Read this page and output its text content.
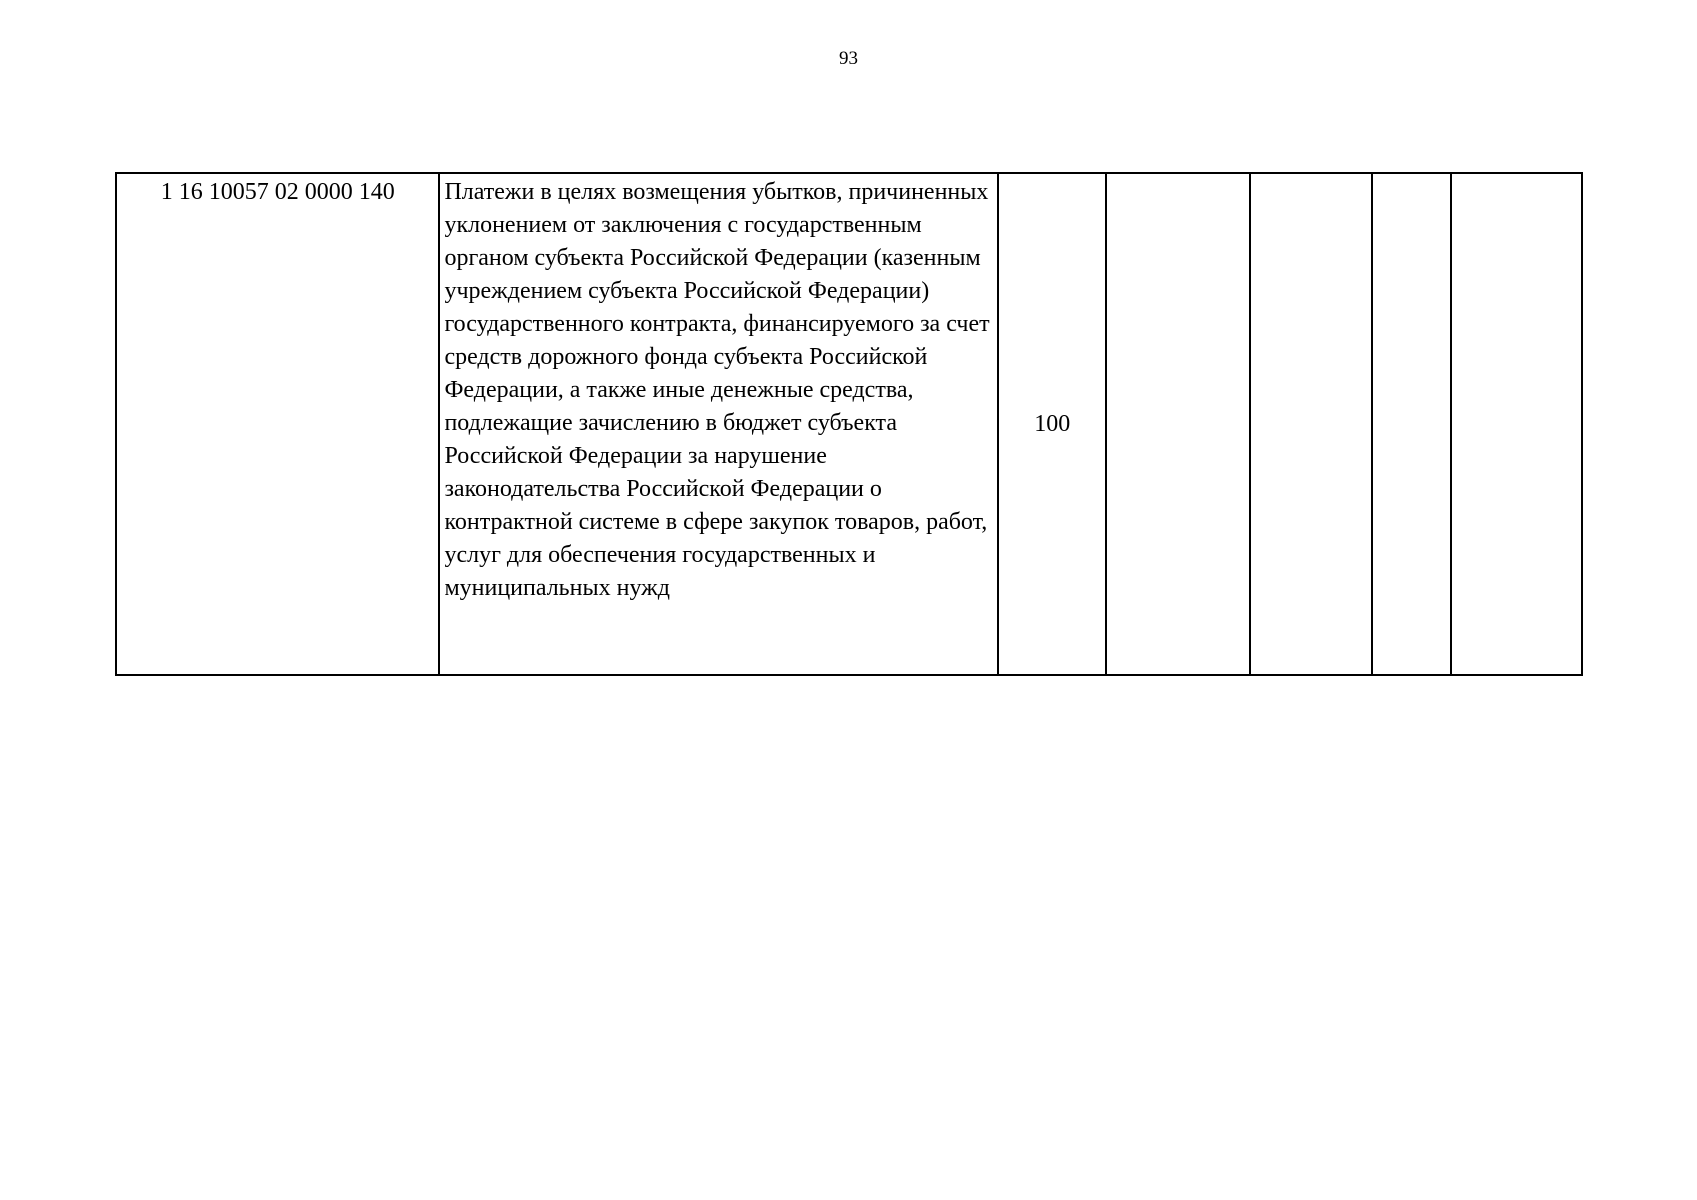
93
1 16 10057 02 0000 140	Платежи в целях возмещения убытков, причиненных уклонением от заключения с государственным органом субъекта Российской Федерации (казенным учреждением субъекта Российской Федерации) государственного контракта, финансируемого за счет средств дорожного фонда субъекта Российской Федерации, а также иные денежные средства, подлежащие зачислению в бюджет субъекта Российской Федерации за нарушение законодательства Российской Федерации о контрактной системе в сфере закупок товаров, работ, услуг для обеспечения государственных и муниципальных нужд	100				
